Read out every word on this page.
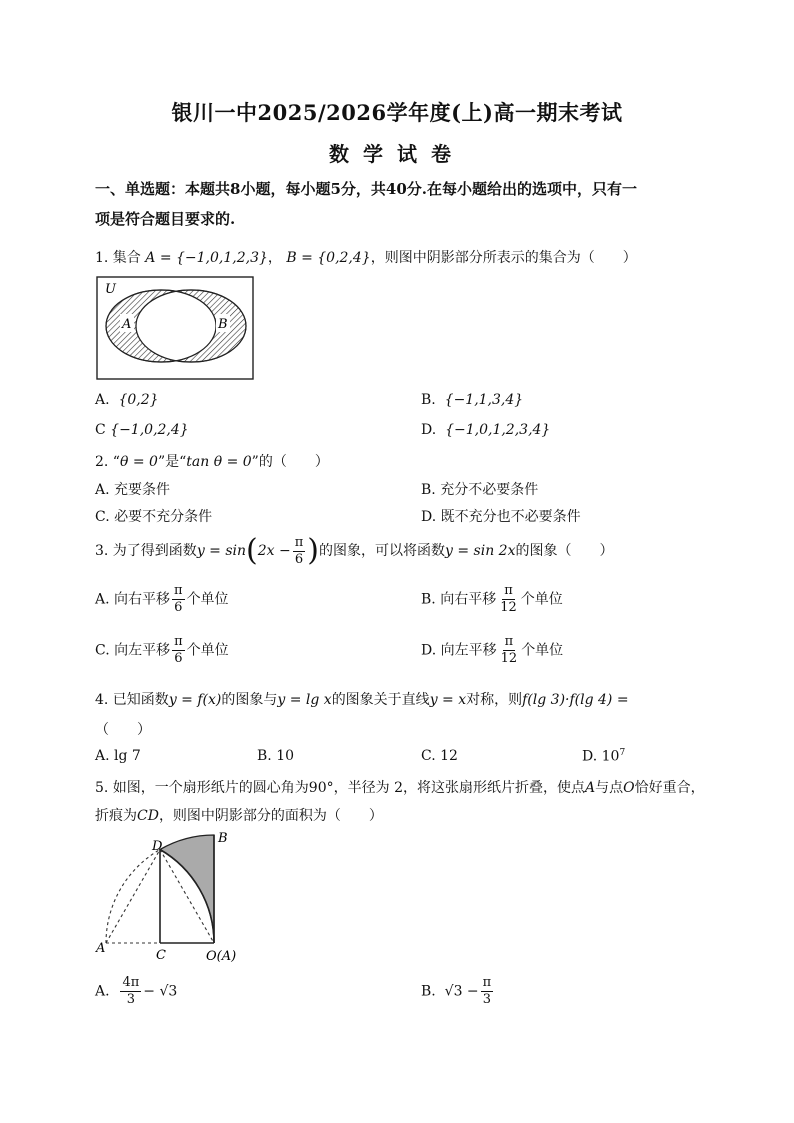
银川一中2025/2026学年度(上)高一期末考试
数学试卷
一、单选题：本题共8小题，每小题5分，共40分.在每小题给出的选项中，只有一
项是符合题目要求的.
1. 集合 A = {−1,0,1,2,3}， B = {0,2,4}，则图中阴影部分所表示的集合为（　　）
U
A	B
A. {0,2}	B. {−1,1,3,4}
C {−1,0,2,4}	D. {−1,0,1,2,3,4}
2. “θ = 0”是“tan θ = 0”的（　　）
A. 充要条件	B. 充分不必要条件
C. 必要不充分条件	D. 既不充分也不必要条件
3. 为了得到函数$y = \sin(2x - \frac{\pi}{6}$ )的图象，可以将函数y = sin 2x的图象（　　）
A. 向右平移 $\frac{\pi}{6}$ 个单位	B. 向右平移 $\frac{\pi}{12}$ 个单位
C. 向左平移 $\frac{\pi}{6}$ 个单位	D. 向左平移 $\frac{\pi}{12}$ 个单位
4. 已知函数y = f(x)的图象与y = lg x的图象关于直线y = x对称，则f(lg 3)·f(lg 4) =
（　　）
A. lg 7	B. 10	C. 12	D. $10^7$
5. 如图，一个扇形纸片的圆心角为90°，半径为 2，将这张扇形纸片折叠，使点A与点O恰好重合，
折痕为CD，则图中阴影部分的面积为（　　）
B
D
A	C	O(A)
A. $\frac{4\pi}{3} - √3$	B. $√3 - \frac{\pi}{3}$
